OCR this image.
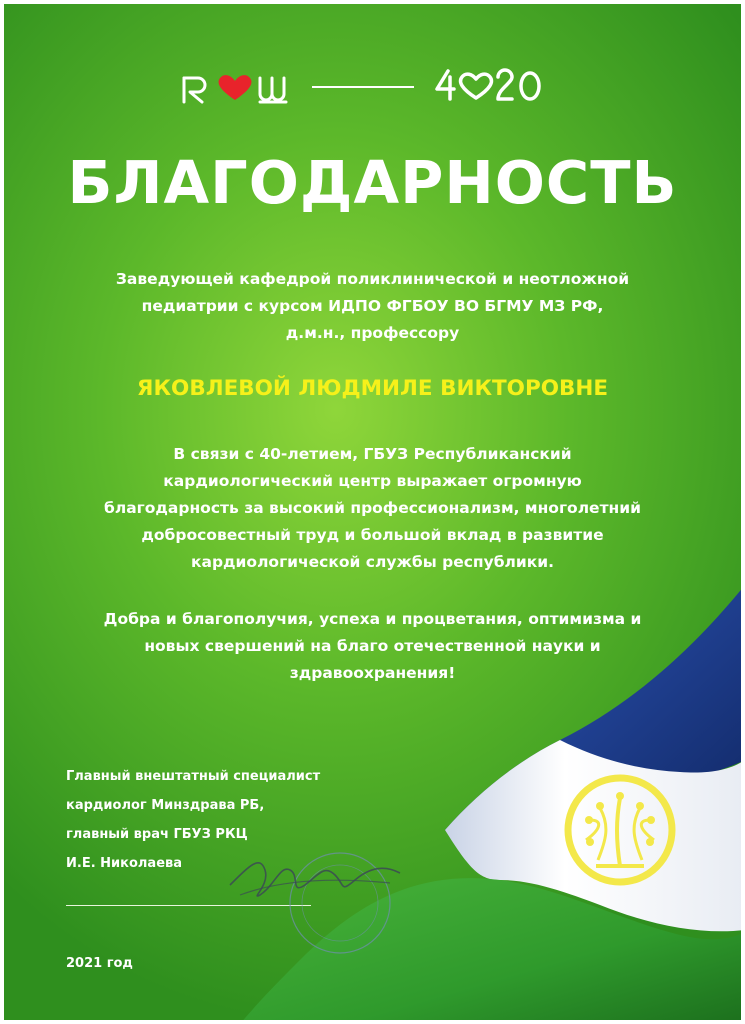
БЛАГОДАРНОСТЬ
Заведующей кафедрой поликлинической и неотложной
педиатрии с курсом ИДПО ФГБОУ ВО БГМУ МЗ РФ,
д.м.н., профессору
ЯКОВЛЕВОЙ ЛЮДМИЛЕ ВИКТОРОВНЕ
В связи с 40-летием, ГБУЗ Республиканский
кардиологический центр выражает огромную
благодарность за высокий профессионализм, многолетний
добросовестный труд и большой вклад в развитие
кардиологической службы республики.
Добра и благополучия, успеха и процветания, оптимизма и
новых свершений на благо отечественной науки и
здравоохранения!
Главный внештатный специалист
кардиолог Минздрава РБ,
главный врач ГБУЗ РКЦ
И.Е. Николаева
2021 год
